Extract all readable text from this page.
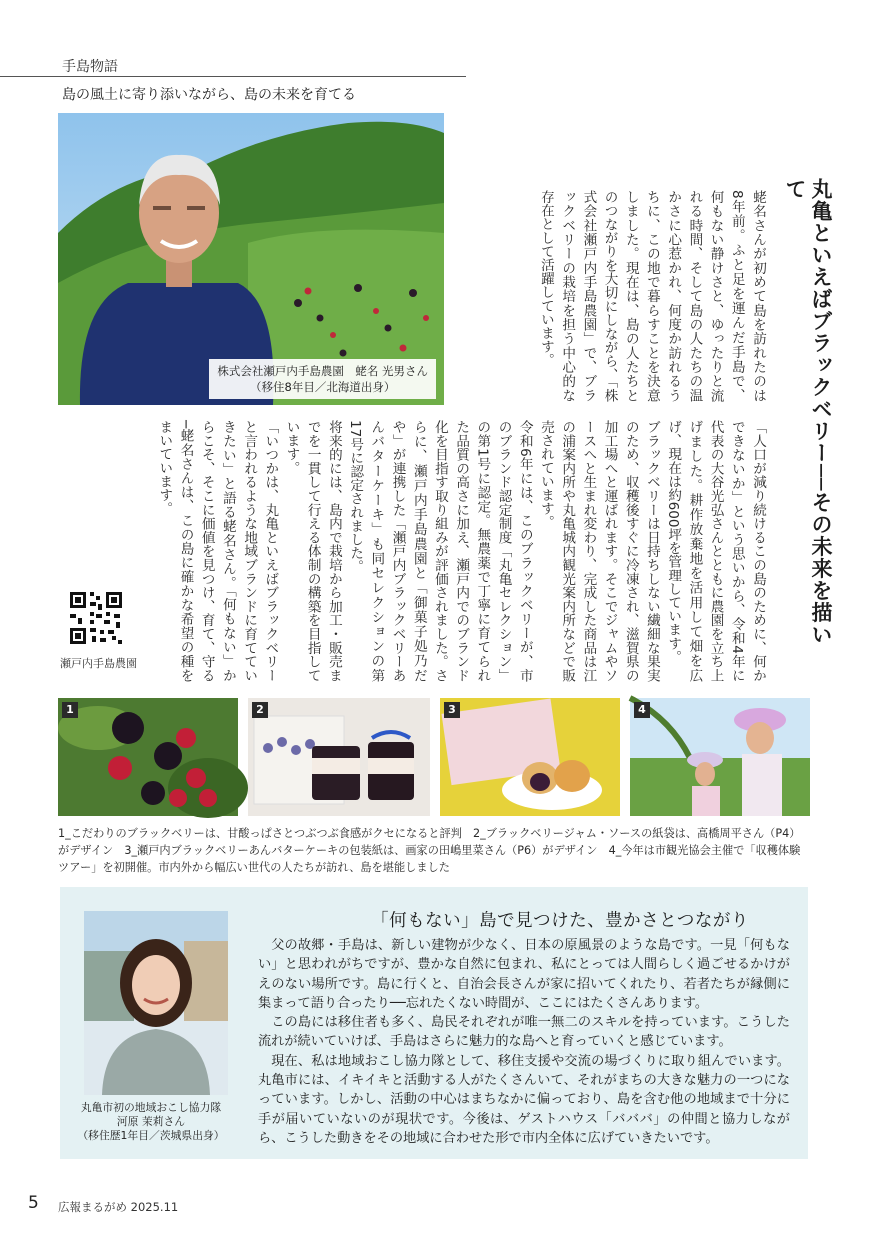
手島物語
島の風土に寄り添いながら、島の未来を育てる
株式会社瀬戸内手島農園　蛯名 光男さん
（移住8年目／北海道出身）	丸亀といえばブラックベリー──その未来を描いて
蛯名さんが初めて島を訪れたのは8年前。ふと足を運んだ手島で、何もない静けさと、ゆったりと流れる時間、そして島の人たちの温かさに心惹かれ、何度か訪れるうちに、この地で暮らすことを決意しました。現在は、島の人たちとのつながりを大切にしながら、「株式会社瀬戸内手島農園」で、ブラックベリーの栽培を担う中心的な存在として活躍しています。
「人口が減り続けるこの島のために、何かできないか」という思いから、令和4年に代表の大谷光弘さんとともに農園を立ち上げました。耕作放棄地を活用して畑を広げ、現在は約600坪を管理しています。
ブラックベリーは日持ちしない繊細な果実のため、収穫後すぐに冷凍され、滋賀県の加工場へと運ばれます。そこでジャムやソースへと生まれ変わり、完成した商品は江の浦案内所や丸亀城内観光案内所などで販売されています。
令和6年には、このブラックベリーが、市のブランド認定制度「丸亀セレクション」の第1号に認定。無農薬で丁寧に育てられた品質の高さに加え、瀬戸内でのブランド化を目指す取り組みが評価されました。さらに、瀬戸内手島農園と「御菓子処乃だや」が連携した「瀬戸内ブラックベリーあんバターケーキ」も同セレクションの第17号に認定されました。
将来的には、島内で栽培から加工・販売までを一貫して行える体制の構築を目指しています。
「いつかは、丸亀といえばブラックベリーと言われるような地域ブランドに育てていきたい」と語る蛯名さん。「何もない」からこそ、そこに価値を見つけ、育て、守る─蛯名さんは、この島に確かな希望の種をまいています。
瀬戸内手島農園
1	2	3	4
1_こだわりのブラックベリーは、甘酸っぱさとつぶつぶ食感がクセになると評判　2_ブラックベリージャム・ソースの紙袋は、高橋周平さん（P4）がデザイン　3_瀬戸内ブラックベリーあんバターケーキの包装紙は、画家の田嶋里菜さん（P6）がデザイン　4_今年は市観光協会主催で「収穫体験ツアー」を初開催。市内外から幅広い世代の人たちが訪れ、島を堪能しました
丸亀市初の地域おこし協力隊
河原 茉莉さん
（移住歴1年目／茨城県出身）
「何もない」島で見つけた、豊かさとつながり

父の故郷・手島は、新しい建物が少なく、日本の原風景のような島です。一見「何もない」と思われがちですが、豊かな自然に包まれ、私にとっては人間らしく過ごせるかけがえのない場所です。島に行くと、自治会長さんが家に招いてくれたり、若者たちが縁側に集まって語り合ったり──忘れたくない時間が、ここにはたくさんあります。

この島には移住者も多く、島民それぞれが唯一無二のスキルを持っています。こうした流れが続いていけば、手島はさらに魅力的な島へと育っていくと感じています。

現在、私は地域おこし協力隊として、移住支援や交流の場づくりに取り組んでいます。丸亀市には、イキイキと活動する人がたくさんいて、それがまちの大きな魅力の一つになっています。しかし、活動の中心はまちなかに偏っており、島を含む他の地域まで十分に手が届いていないのが現状です。今後は、ゲストハウス「バババ」の仲間と協力しながら、こうした動きをその地域に合わせた形で市内全体に広げていきたいです。

5 広報まるがめ 2025.11
